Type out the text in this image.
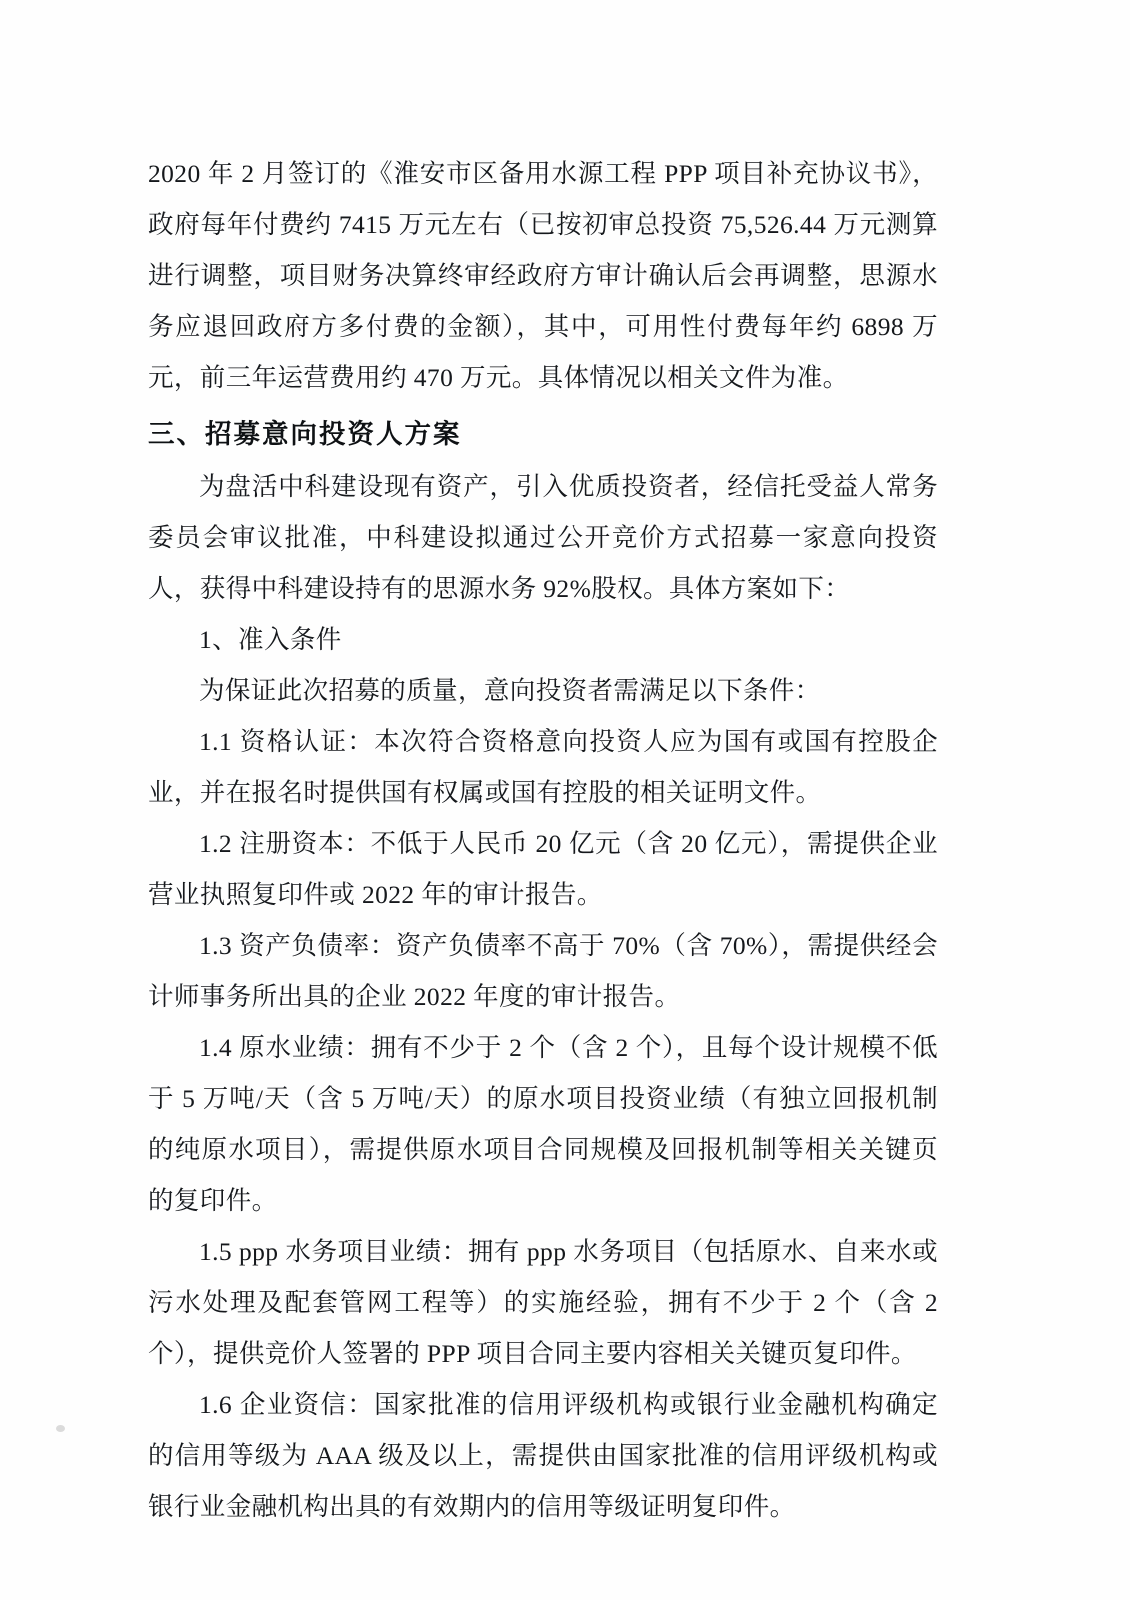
2020 年 2 月签订的《淮安市区备用水源工程 PPP 项目补充协议书》，政府每年付费约 7415 万元左右（已按初审总投资 75,526.44 万元测算进行调整，项目财务决算终审经政府方审计确认后会再调整，思源水务应退回政府方多付费的金额），其中，可用性付费每年约 6898 万元，前三年运营费用约 470 万元。具体情况以相关文件为准。

三、招募意向投资人方案

为盘活中科建设现有资产，引入优质投资者，经信托受益人常务委员会审议批准，中科建设拟通过公开竞价方式招募一家意向投资人，获得中科建设持有的思源水务 92%股权。具体方案如下：

1、准入条件

为保证此次招募的质量，意向投资者需满足以下条件：

1.1 资格认证：本次符合资格意向投资人应为国有或国有控股企业，并在报名时提供国有权属或国有控股的相关证明文件。

1.2 注册资本：不低于人民币 20 亿元（含 20 亿元），需提供企业营业执照复印件或 2022 年的审计报告。

1.3 资产负债率：资产负债率不高于 70%（含 70%），需提供经会计师事务所出具的企业 2022 年度的审计报告。

1.4 原水业绩：拥有不少于 2 个（含 2 个），且每个设计规模不低于 5 万吨/天（含 5 万吨/天）的原水项目投资业绩（有独立回报机制的纯原水项目），需提供原水项目合同规模及回报机制等相关关键页的复印件。

1.5 ppp 水务项目业绩：拥有 ppp 水务项目（包括原水、自来水或污水处理及配套管网工程等）的实施经验，拥有不少于 2 个（含 2 个），提供竞价人签署的 PPP 项目合同主要内容相关关键页复印件。

1.6 企业资信：国家批准的信用评级机构或银行业金融机构确定的信用等级为 AAA 级及以上，需提供由国家批准的信用评级机构或银行业金融机构出具的有效期内的信用等级证明复印件。
